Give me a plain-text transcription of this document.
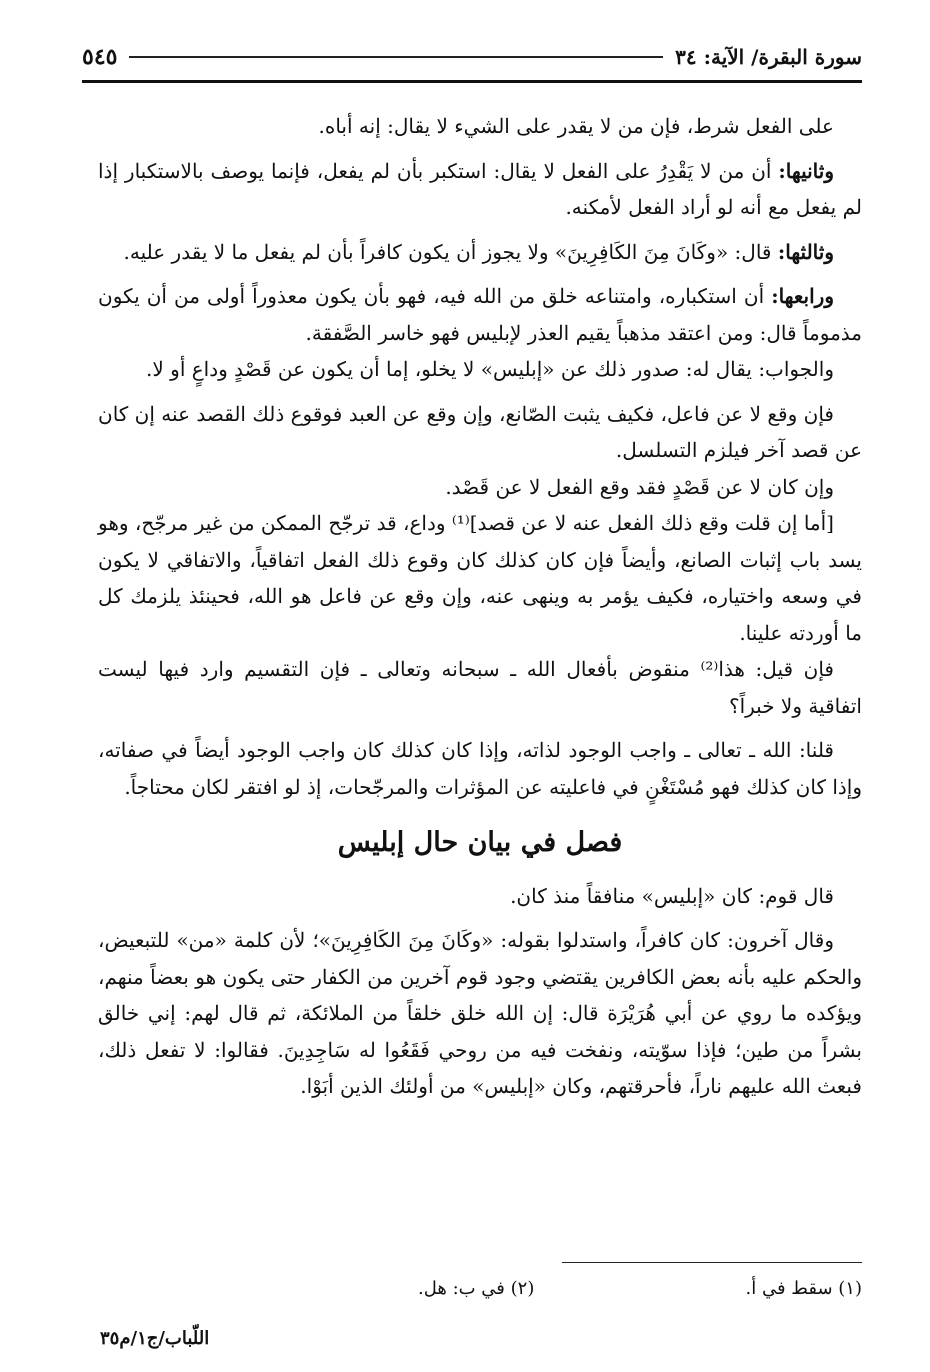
سورة البقرة/ الآية: ٣٤
٥٤٥

على الفعل شرط، فإن من لا يقدر على الشيء لا يقال: إنه أباه.

وثانيها: أن من لا يَقْدِرُ على الفعل لا يقال: استكبر بأن لم يفعل، فإنما يوصف بالاستكبار إذا لم يفعل مع أنه لو أراد الفعل لأمكنه.

وثالثها: قال: «وكَانَ مِنَ الكَافِرِينَ» ولا يجوز أن يكون كافراً بأن لم يفعل ما لا يقدر عليه.

ورابعها: أن استكباره، وامتناعه خلق من الله فيه، فهو بأن يكون معذوراً أولى من أن يكون مذموماً قال: ومن اعتقد مذهباً يقيم العذر لإبليس فهو خاسر الصَّفقة.

والجواب: يقال له: صدور ذلك عن «إبليس» لا يخلو، إما أن يكون عن قَصْدٍ وداعٍ أو لا.

فإن وقع لا عن فاعل، فكيف يثبت الصّانع، وإن وقع عن العبد فوقوع ذلك القصد عنه إن كان عن قصد آخر فيلزم التسلسل.

وإن كان لا عن قَصْدٍ فقد وقع الفعل لا عن قَصْد.

[أما إن قلت وقع ذلك الفعل عنه لا عن قصد]⁽¹⁾ وداع، قد ترجّح الممكن من غير مرجّح، وهو يسد باب إثبات الصانع، وأيضاً فإن كان كذلك كان وقوع ذلك الفعل اتفاقياً، والاتفاقي لا يكون في وسعه واختياره، فكيف يؤمر به وينهى عنه، وإن وقع عن فاعل هو الله، فحينئذ يلزمك كل ما أوردته علينا.

فإن قيل: هذا⁽²⁾ منقوض بأفعال الله ـ سبحانه وتعالى ـ فإن التقسيم وارد فيها ليست اتفاقية ولا خبراً؟

قلنا: الله ـ تعالى ـ واجب الوجود لذاته، وإذا كان كذلك كان واجب الوجود أيضاً في صفاته، وإذا كان كذلك فهو مُسْتَغْنٍ في فاعليته عن المؤثرات والمرجّحات، إذ لو افتقر لكان محتاجاً.

فصل في بيان حال إبليس

قال قوم: كان «إبليس» منافقاً منذ كان.

وقال آخرون: كان كافراً، واستدلوا بقوله: «وكَانَ مِنَ الكَافِرِينَ»؛ لأن كلمة «من» للتبعيض، والحكم عليه بأنه بعض الكافرين يقتضي وجود قوم آخرين من الكفار حتى يكون هو بعضاً منهم، ويؤكده ما روي عن أبي هُرَيْرَة قال: إن الله خلق خلقاً من الملائكة، ثم قال لهم: إني خالق بشراً من طين؛ فإذا سوّيته، ونفخت فيه من روحي فَقَعُوا له سَاجِدِينَ. فقالوا: لا تفعل ذلك، فبعث الله عليهم ناراً، فأحرقتهم، وكان «إبليس» من أولئك الذين أبَوْا.

(١) سقط في أ.
(٢) في ب: هل.
اللّباب/ج١/م٣٥
